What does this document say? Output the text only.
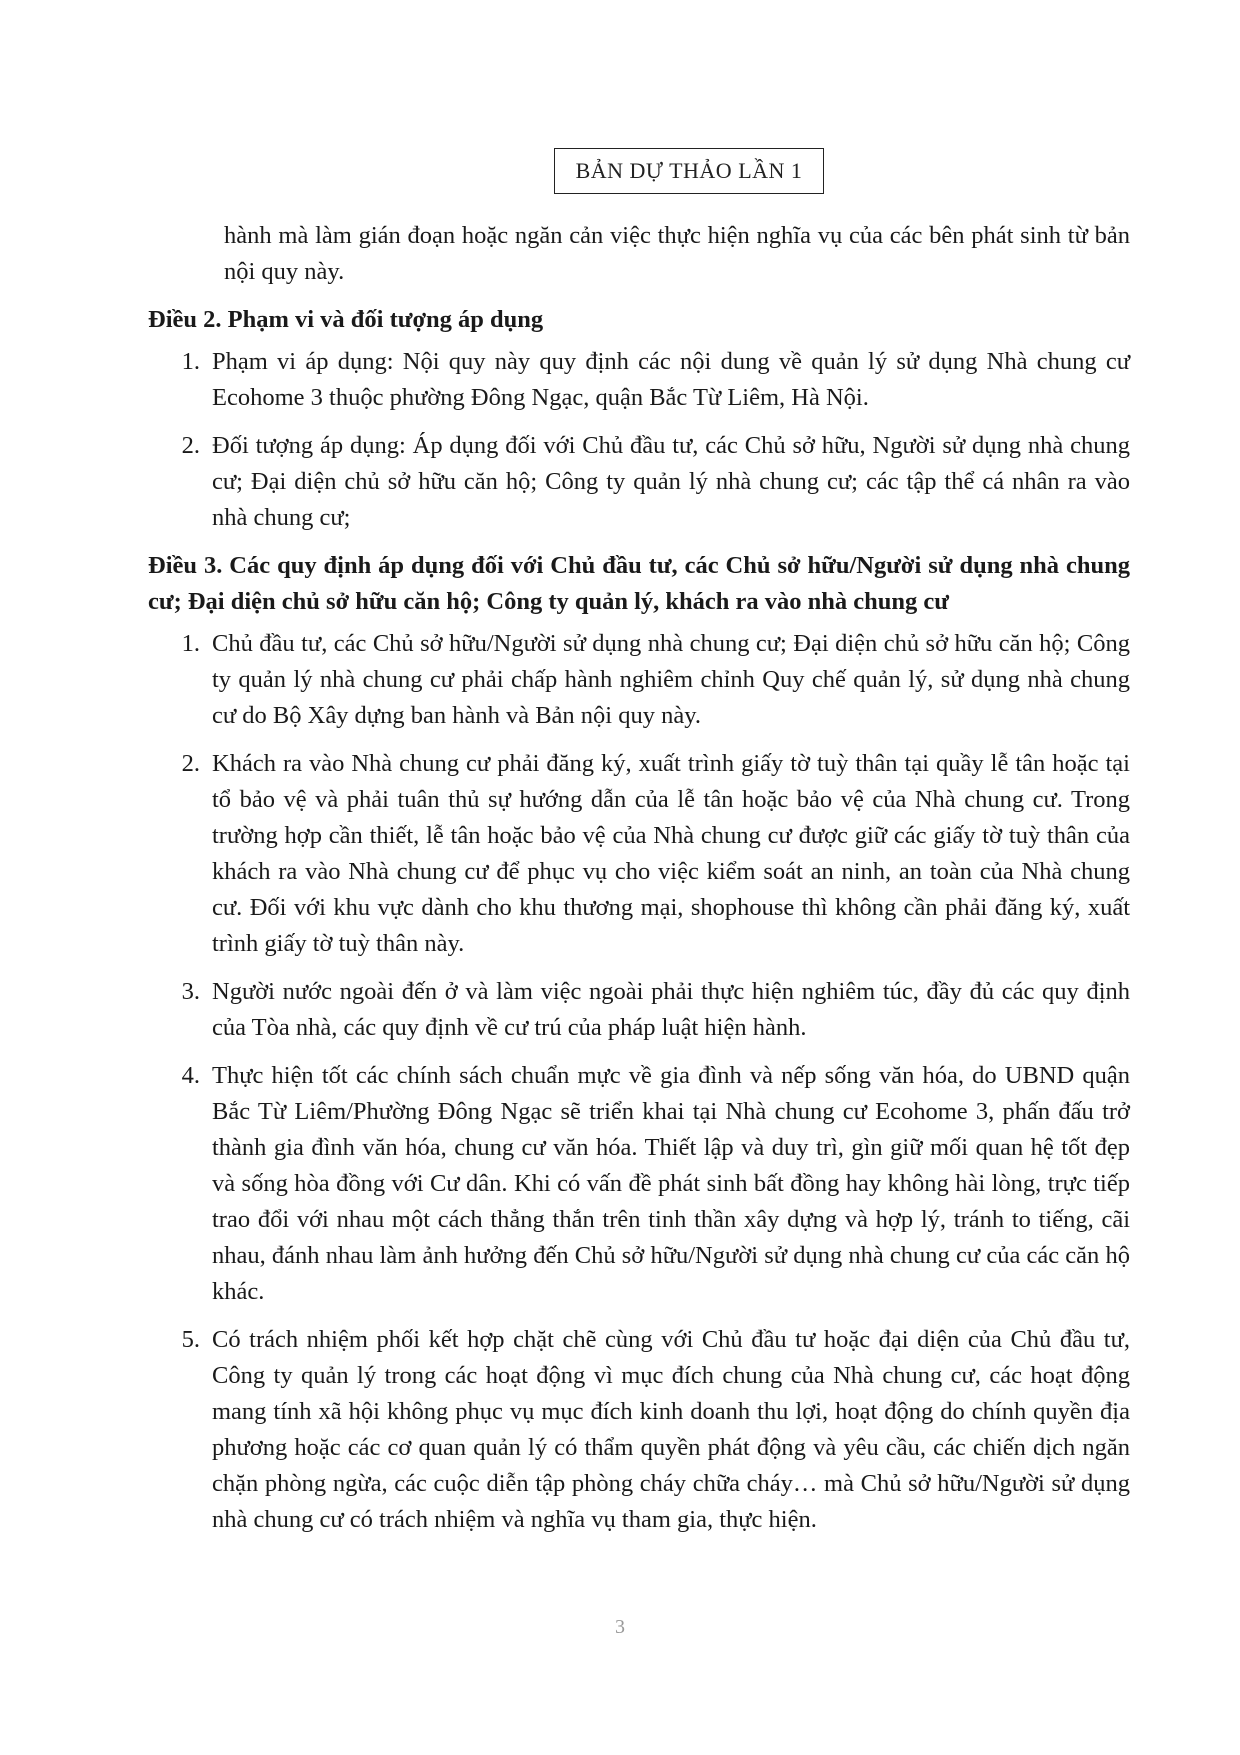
BẢN DỰ THẢO LẦN 1

hành mà làm gián đoạn hoặc ngăn cản việc thực hiện nghĩa vụ của các bên phát sinh từ bản nội quy này.

Điều 2. Phạm vi và đối tượng áp dụng

1. Phạm vi áp dụng: Nội quy này quy định các nội dung về quản lý sử dụng Nhà chung cư Ecohome 3 thuộc phường Đông Ngạc, quận Bắc Từ Liêm, Hà Nội.
2. Đối tượng áp dụng: Áp dụng đối với Chủ đầu tư, các Chủ sở hữu, Người sử dụng nhà chung cư; Đại diện chủ sở hữu căn hộ; Công ty quản lý nhà chung cư; các tập thể cá nhân ra vào nhà chung cư;

Điều 3. Các quy định áp dụng đối với Chủ đầu tư, các Chủ sở hữu/Người sử dụng nhà chung cư; Đại diện chủ sở hữu căn hộ; Công ty quản lý, khách ra vào nhà chung cư

1. Chủ đầu tư, các Chủ sở hữu/Người sử dụng nhà chung cư; Đại diện chủ sở hữu căn hộ; Công ty quản lý nhà chung cư phải chấp hành nghiêm chỉnh Quy chế quản lý, sử dụng nhà chung cư do Bộ Xây dựng ban hành và Bản nội quy này.
2. Khách ra vào Nhà chung cư phải đăng ký, xuất trình giấy tờ tuỳ thân tại quầy lễ tân hoặc tại tổ bảo vệ và phải tuân thủ sự hướng dẫn của lễ tân hoặc bảo vệ của Nhà chung cư. Trong trường hợp cần thiết, lễ tân hoặc bảo vệ của Nhà chung cư được giữ các giấy tờ tuỳ thân của khách ra vào Nhà chung cư để phục vụ cho việc kiểm soát an ninh, an toàn của Nhà chung cư. Đối với khu vực dành cho khu thương mại, shophouse thì không cần phải đăng ký, xuất trình giấy tờ tuỳ thân này.
3. Người nước ngoài đến ở và làm việc ngoài phải thực hiện nghiêm túc, đầy đủ các quy định của Tòa nhà, các quy định về cư trú của pháp luật hiện hành.
4. Thực hiện tốt các chính sách chuẩn mực về gia đình và nếp sống văn hóa, do UBND quận Bắc Từ Liêm/Phường Đông Ngạc sẽ triển khai tại Nhà chung cư Ecohome 3, phấn đấu trở thành gia đình văn hóa, chung cư văn hóa. Thiết lập và duy trì, gìn giữ mối quan hệ tốt đẹp và sống hòa đồng với Cư dân. Khi có vấn đề phát sinh bất đồng hay không hài lòng, trực tiếp trao đổi với nhau một cách thẳng thắn trên tinh thần xây dựng và hợp lý, tránh to tiếng, cãi nhau, đánh nhau làm ảnh hưởng đến Chủ sở hữu/Người sử dụng nhà chung cư của các căn hộ khác.
5. Có trách nhiệm phối kết hợp chặt chẽ cùng với Chủ đầu tư hoặc đại diện của Chủ đầu tư, Công ty quản lý trong các hoạt động vì mục đích chung của Nhà chung cư, các hoạt động mang tính xã hội không phục vụ mục đích kinh doanh thu lợi, hoạt động do chính quyền địa phương hoặc các cơ quan quản lý có thẩm quyền phát động và yêu cầu, các chiến dịch ngăn chặn phòng ngừa, các cuộc diễn tập phòng cháy chữa cháy… mà Chủ sở hữu/Người sử dụng nhà chung cư có trách nhiệm và nghĩa vụ tham gia, thực hiện.
3
